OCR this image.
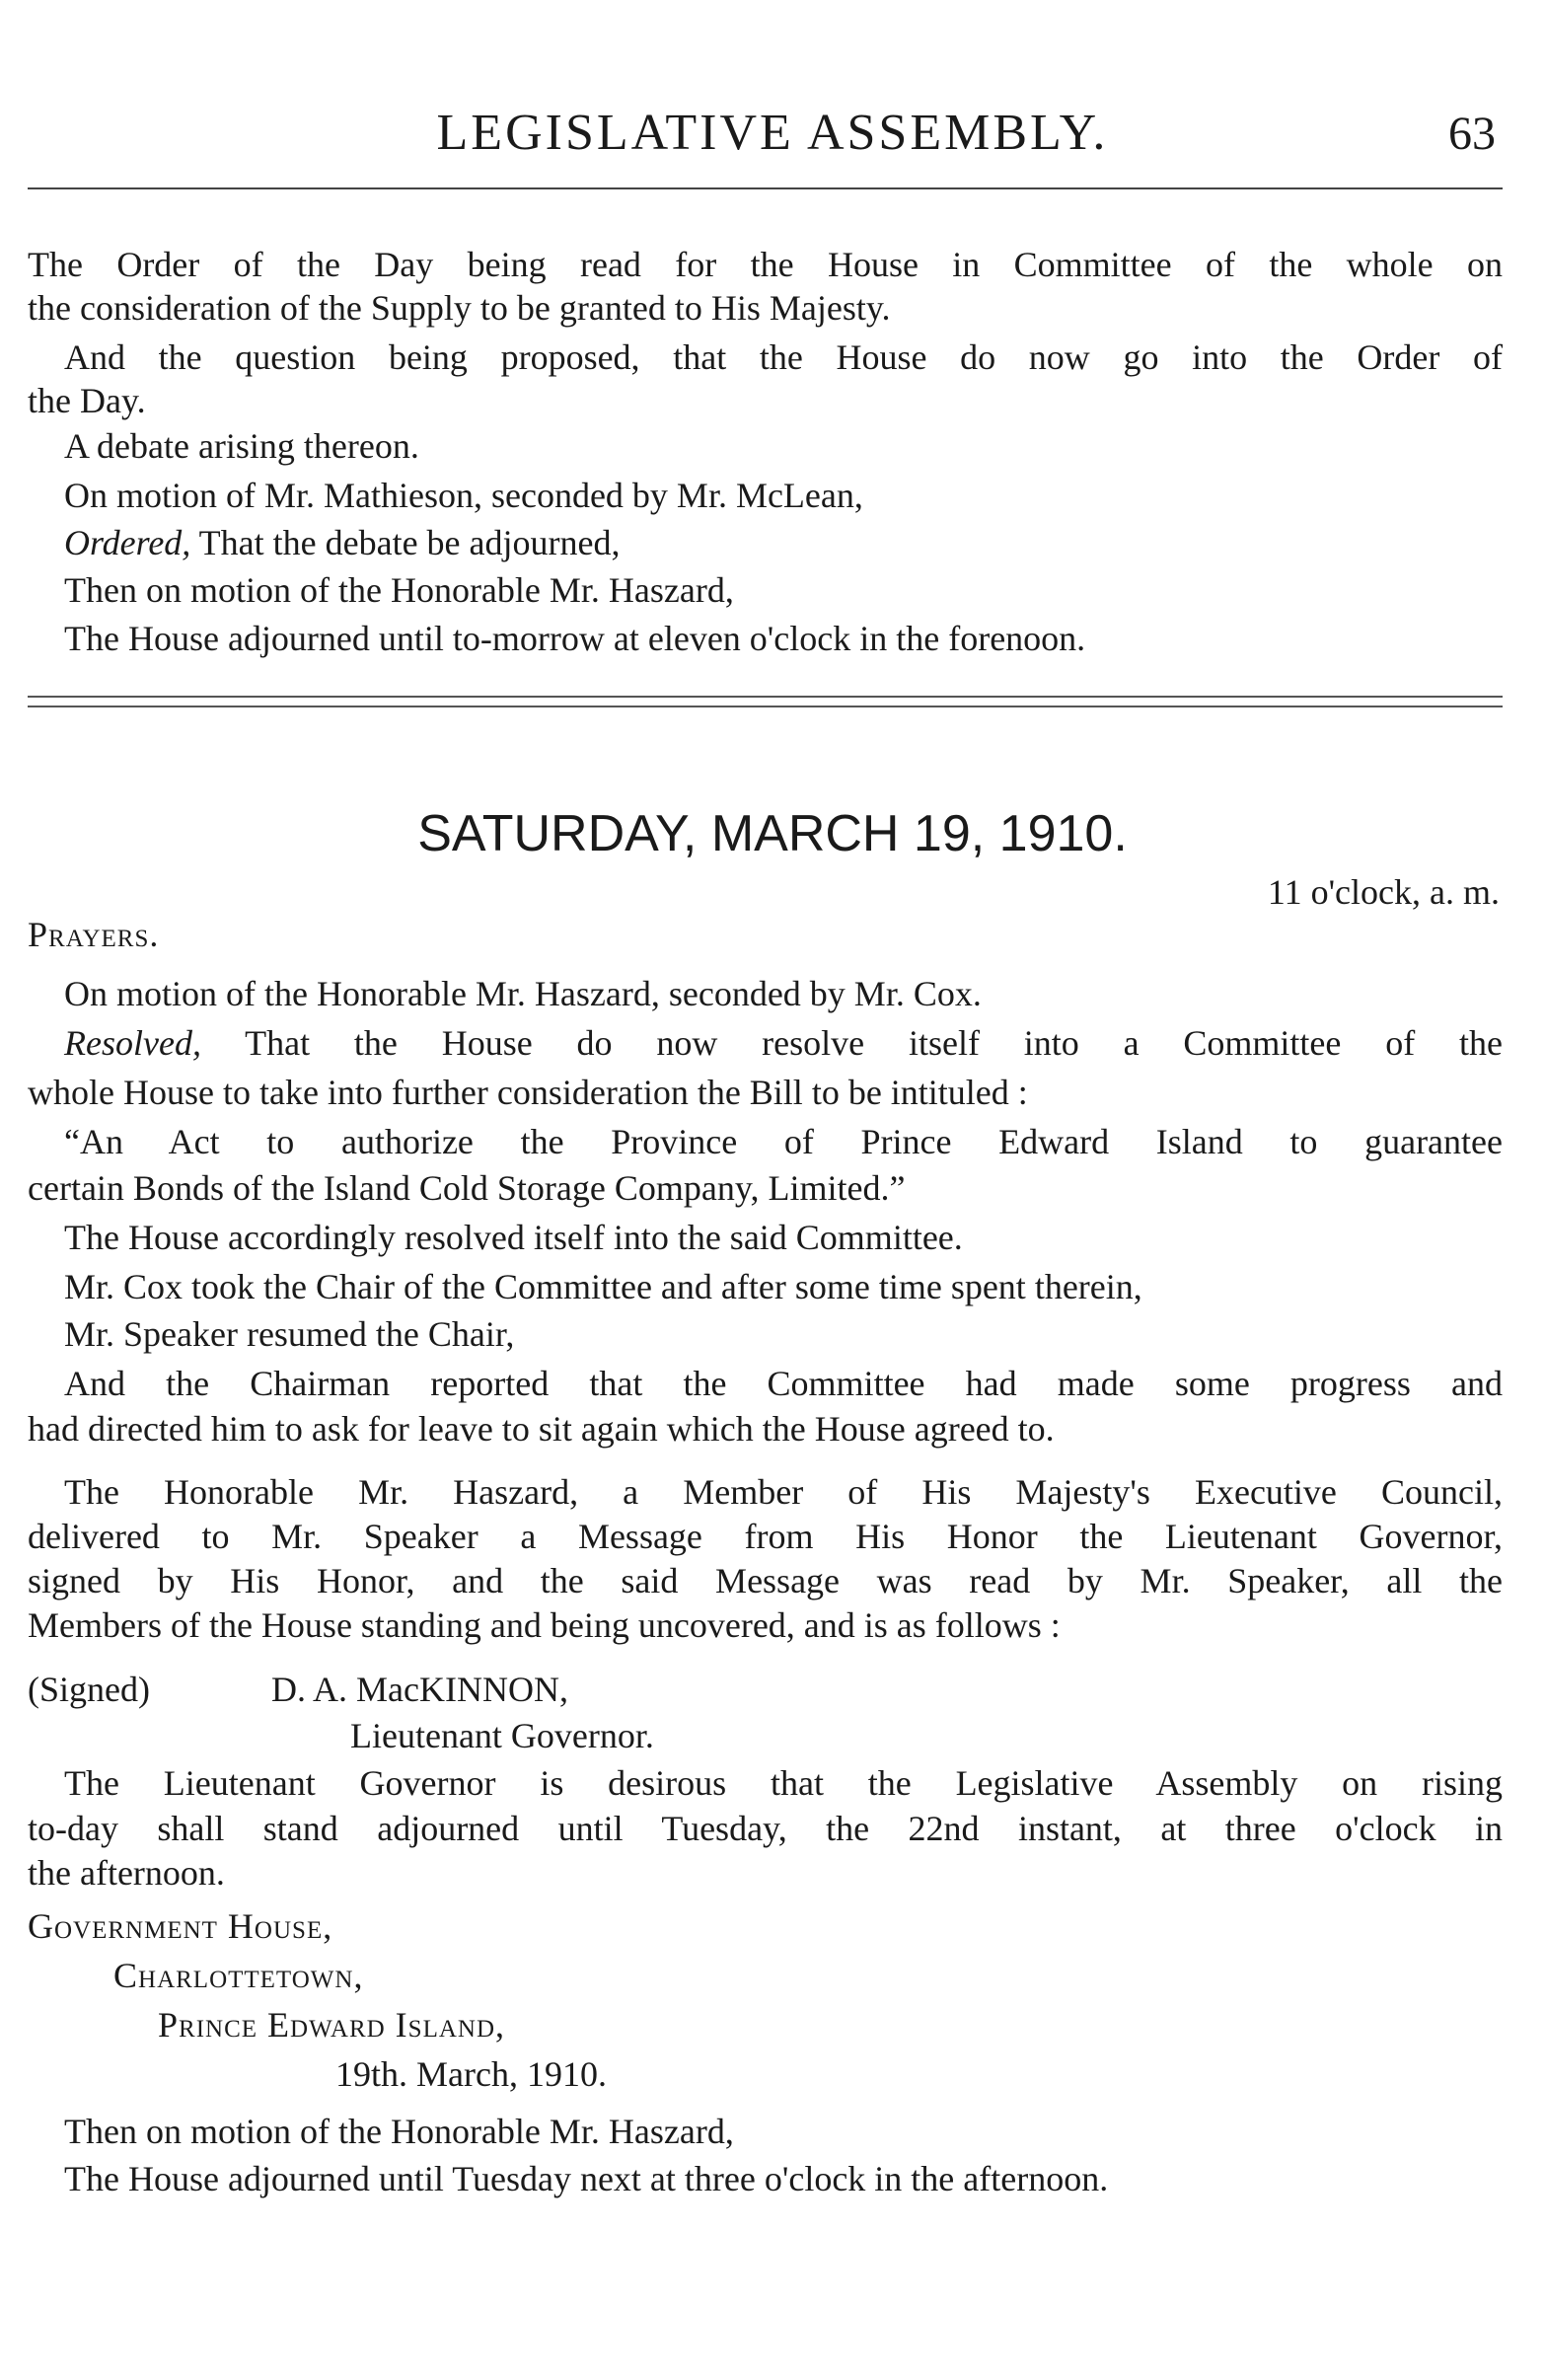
LEGISLATIVE ASSEMBLY.	63
The Order of the Day being read for the House in Committee of the whole on
the consideration of the Supply to be granted to His Majesty.
And the question being proposed, that the House do now go into the Order of
the Day.
A debate arising thereon.
On motion of Mr. Mathieson, seconded by Mr. McLean,
Ordered, That the debate be adjourned,
Then on motion of the Honorable Mr. Haszard,
The House adjourned until to-morrow at eleven o'clock in the forenoon.
SATURDAY, MARCH 19, 1910.
11 o'clock, a. m.
Prayers.
On motion of the Honorable Mr. Haszard, seconded by Mr. Cox.
Resolved, That the House do now resolve itself into a Committee of the
whole House to take into further consideration the Bill to be intituled :
“An Act to authorize the Province of Prince Edward Island to guarantee
certain Bonds of the Island Cold Storage Company, Limited.”
The House accordingly resolved itself into the said Committee.
Mr. Cox took the Chair of the Committee and after some time spent therein,
Mr. Speaker resumed the Chair,
And the Chairman reported that the Committee had made some progress and
had directed him to ask for leave to sit again which the House agreed to.
The Honorable Mr. Haszard, a Member of His Majesty's Executive Council,
delivered to Mr. Speaker a Message from His Honor the Lieutenant Governor,
signed by His Honor, and the said Message was read by Mr. Speaker, all the
Members of the House standing and being uncovered, and is as follows :
(Signed)	D. A. MacKINNON,
Lieutenant Governor.
The Lieutenant Governor is desirous that the Legislative Assembly on rising
to-day shall stand adjourned until Tuesday, the 22nd instant, at three o'clock in
the afternoon.
Government House,
Charlottetown,
Prince Edward Island,
19th. March, 1910.
Then on motion of the Honorable Mr. Haszard,
The House adjourned until Tuesday next at three o'clock in the afternoon.
